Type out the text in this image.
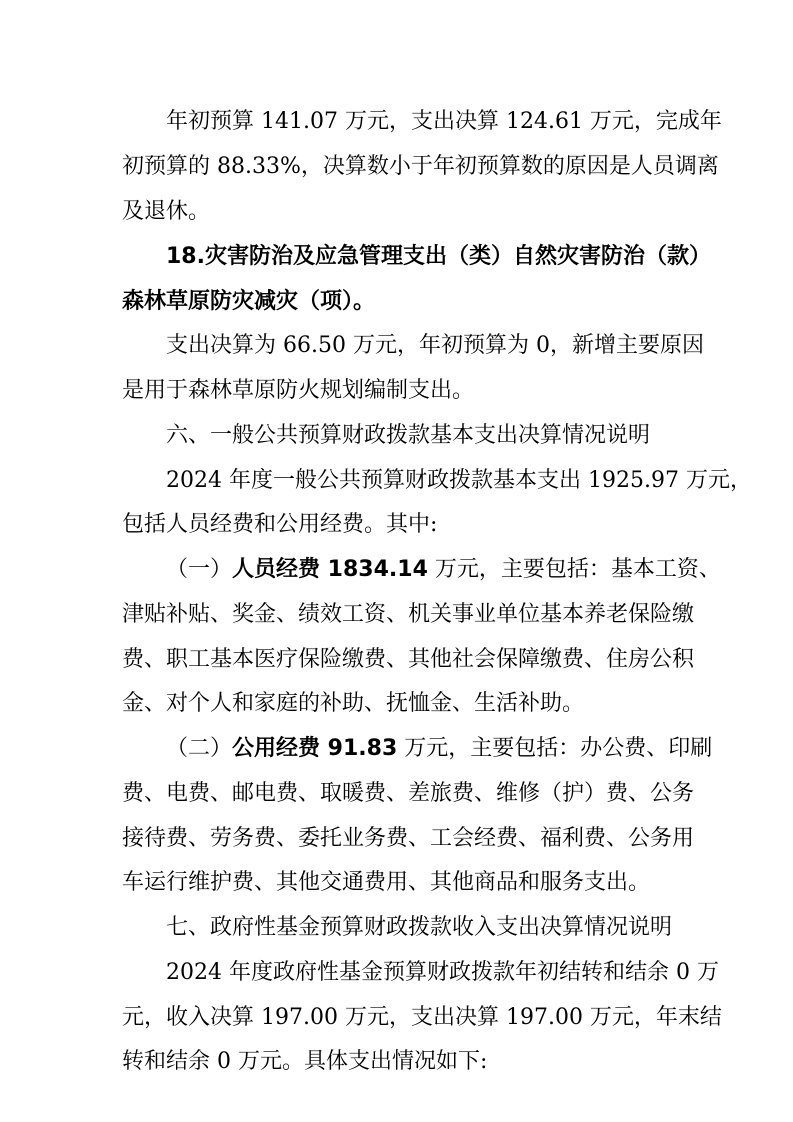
年初预算 141.07 万元，支出决算 124.61 万元，完成年
初预算的 88.33%，决算数小于年初预算数的原因是人员调离
及退休。
18.灾害防治及应急管理支出（类）自然灾害防治（款）
森林草原防灾减灾（项）。
支出决算为 66.50 万元，年初预算为 0，新增主要原因
是用于森林草原防火规划编制支出。
六、一般公共预算财政拨款基本支出决算情况说明
2024 年度一般公共预算财政拨款基本支出 1925.97 万元，
包括人员经费和公用经费。其中:
（一）人员经费 1834.14 万元，主要包括：基本工资、
津贴补贴、奖金、绩效工资、机关事业单位基本养老保险缴
费、职工基本医疗保险缴费、其他社会保障缴费、住房公积
金、对个人和家庭的补助、抚恤金、生活补助。
（二）公用经费 91.83 万元，主要包括：办公费、印刷
费、电费、邮电费、取暖费、差旅费、维修（护）费、公务
接待费、劳务费、委托业务费、工会经费、福利费、公务用
车运行维护费、其他交通费用、其他商品和服务支出。
七、政府性基金预算财政拨款收入支出决算情况说明
2024 年度政府性基金预算财政拨款年初结转和结余 0 万
元，收入决算 197.00 万元，支出决算 197.00 万元，年末结
转和结余 0 万元。具体支出情况如下:
